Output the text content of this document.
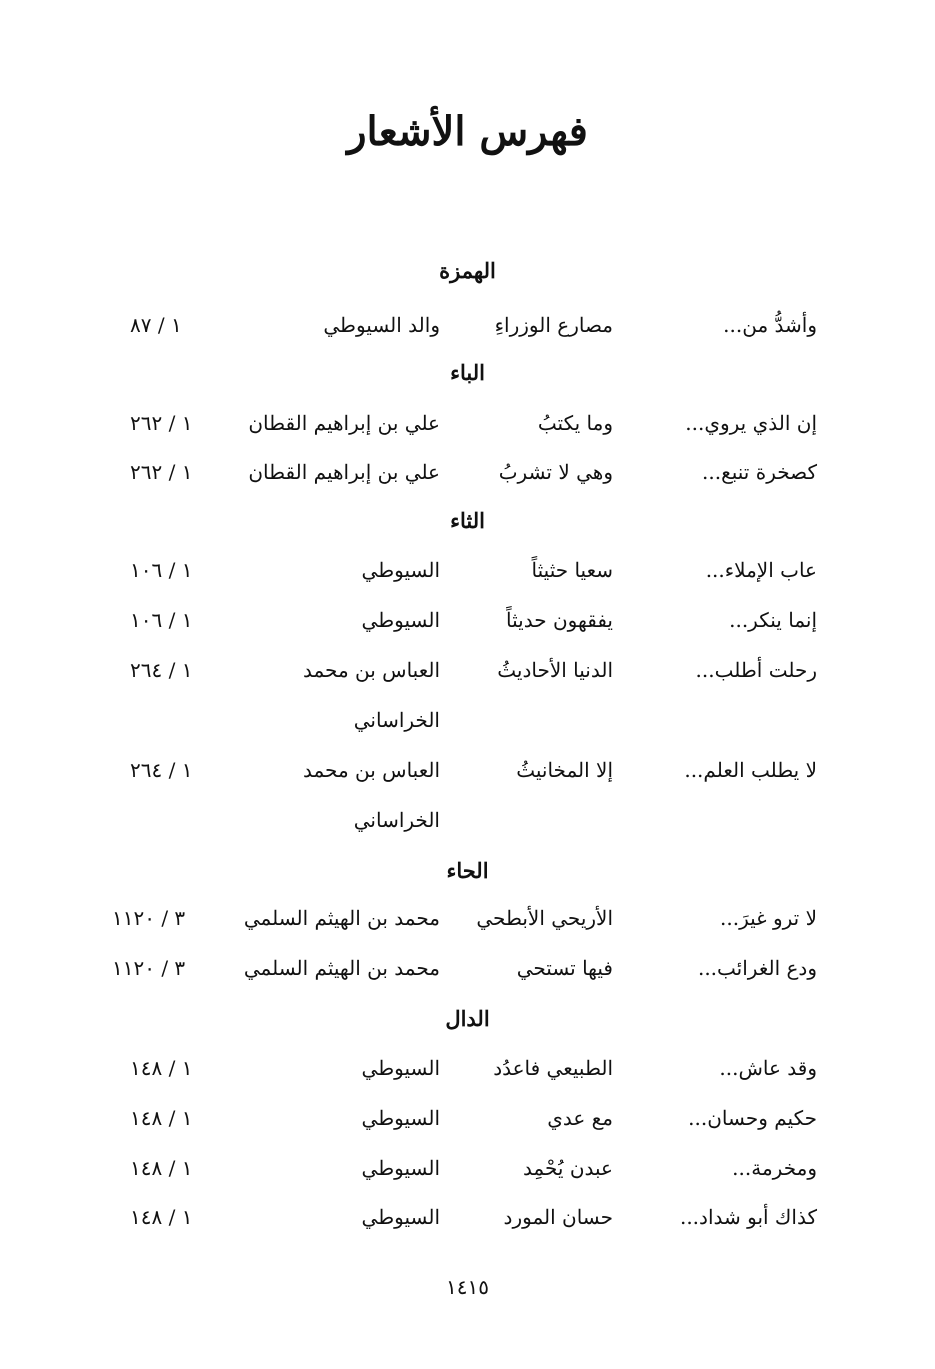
فهرس الأشعار
الهمزة
وأشدُّ من...
مصارع الوزراءِ
والد السيوطي
١ / ٨٧
الباء
إن الذي يروي...
وما يكتبُ
علي بن إبراهيم القطان
١ / ٢٦٢
كصخرة تنبع...
وهي لا تشربُ
علي بن إبراهيم القطان
١ / ٢٦٢
الثاء
عاب الإملاء...
سعيا حثيثاً
السيوطي
١ / ١٠٦
إنما ينكر...
يفقهون حديثاً
السيوطي
١ / ١٠٦
رحلت أطلب...
الدنيا الأحاديثُ
العباس بن محمد
١ / ٢٦٤
الخراساني
لا يطلب العلم...
إلا المخانيثُ
العباس بن محمد
١ / ٢٦٤
الخراساني
الحاء
لا ترو غيرَ...
الأريحي الأبطحي
محمد بن الهيثم السلمي
٣ / ١١٢٠
ودع الغرائب...
فيها تستحي
محمد بن الهيثم السلمي
٣ / ١١٢٠
الدال
وقد عاش...
الطبيعي فاعدُد
السيوطي
١ / ١٤٨
حكيم وحسان...
مع عدي
السيوطي
١ / ١٤٨
ومخرمة...
عبدن يُحْمِد
السيوطي
١ / ١٤٨
كذاك أبو شداد...
حسان المورد
السيوطي
١ / ١٤٨
١٤١٥
